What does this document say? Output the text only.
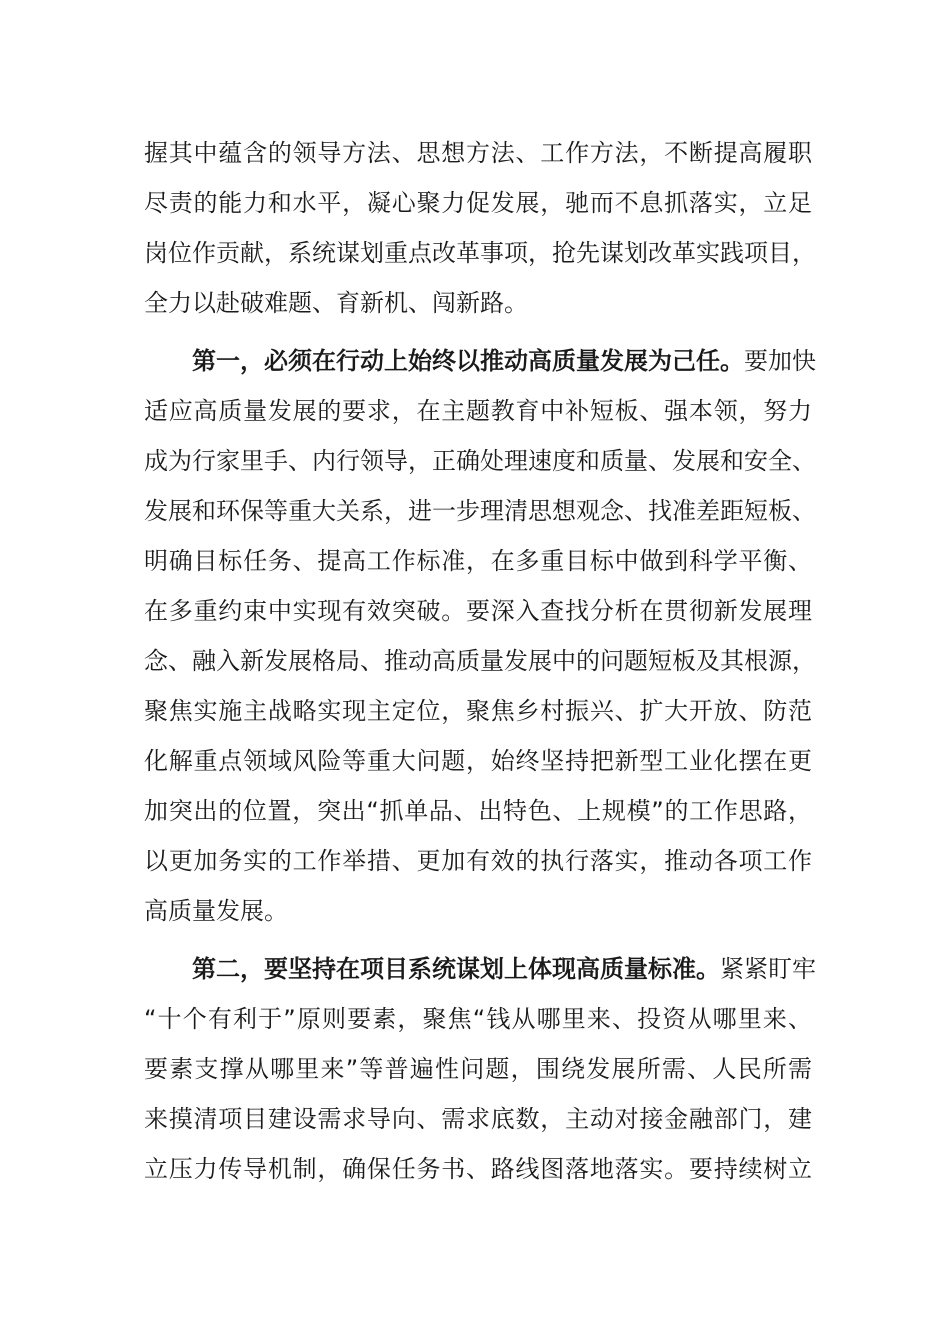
握其中蕴含的领导方法、思想方法、工作方法，不断提高履职
尽责的能力和水平，凝心聚力促发展，驰而不息抓落实，立足
岗位作贡献，系统谋划重点改革事项，抢先谋划改革实践项目，
全力以赴破难题、育新机、闯新路。
第一，必须在行动上始终以推动高质量发展为己任。要加快
适应高质量发展的要求，在主题教育中补短板、强本领，努力
成为行家里手、内行领导，正确处理速度和质量、发展和安全、
发展和环保等重大关系，进一步理清思想观念、找准差距短板、
明确目标任务、提高工作标准，在多重目标中做到科学平衡、
在多重约束中实现有效突破。要深入查找分析在贯彻新发展理
念、融入新发展格局、推动高质量发展中的问题短板及其根源，
聚焦实施主战略实现主定位，聚焦乡村振兴、扩大开放、防范
化解重点领域风险等重大问题，始终坚持把新型工业化摆在更
加突出的位置，突出“抓单品、出特色、上规模”的工作思路，
以更加务实的工作举措、更加有效的执行落实，推动各项工作
高质量发展。
第二，要坚持在项目系统谋划上体现高质量标准。紧紧盯牢
“十个有利于”原则要素，聚焦“钱从哪里来、投资从哪里来、
要素支撑从哪里来”等普遍性问题，围绕发展所需、人民所需
来摸清项目建设需求导向、需求底数，主动对接金融部门，建
立压力传导机制，确保任务书、路线图落地落实。要持续树立
